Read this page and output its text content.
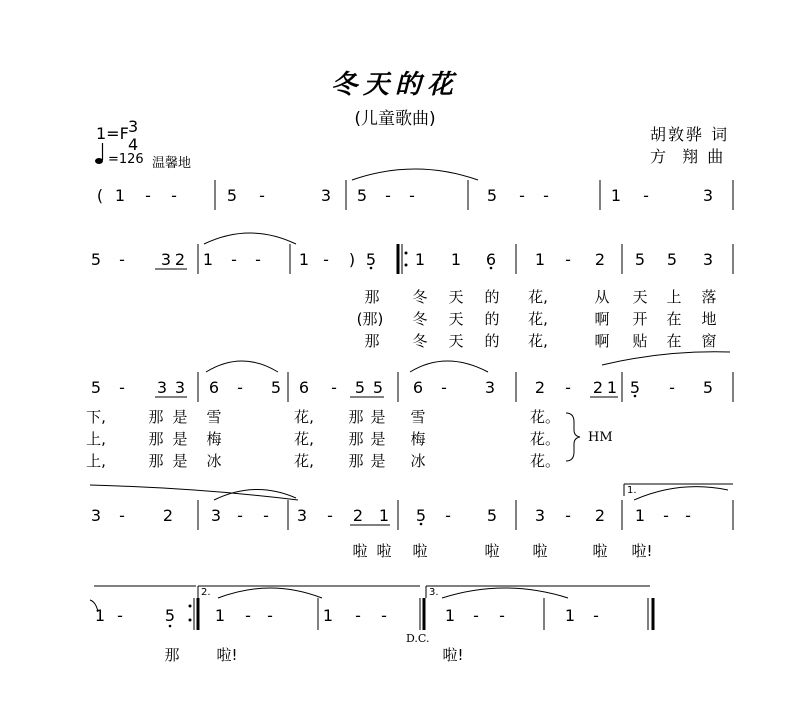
冬天的花
(儿童歌曲)
1=F 3
4
=126 温馨地
胡敦骅 词
方  翔 曲
( 1	-	-	5	-	3	5	-	-	5	-	-	1	-	3
5	-	3 2	1	-	-	1 -	) 5	1	1	6	1	-	2	5	5	3
那	冬	天	的	花,	从	天	上	落
(那)	冬	天	的	花,	啊	开	在	地
那	冬	天	的	花,	啊	贴	在	窗
5	-	3 3	6	-	5	6	-	5 5	6	-	3	2	-	2 1 5	-	5
下,	那 是	雪	花, 那 是	雪	花。
上,	那 是	梅	花, 那 是	梅	花。
上,	那 是	冰	花, 那 是	冰	花。
HM
1.
3	-	2	3	-	-	3	-	2 1	5	-	5	3	-	2	1	-	-
啦 啦	啦	啦	啦	啦	啦!
2.	3.
1 -	5	1	-	-	1	-	-	1	-	-	1	-
那	啦!	啦!
D.C.
